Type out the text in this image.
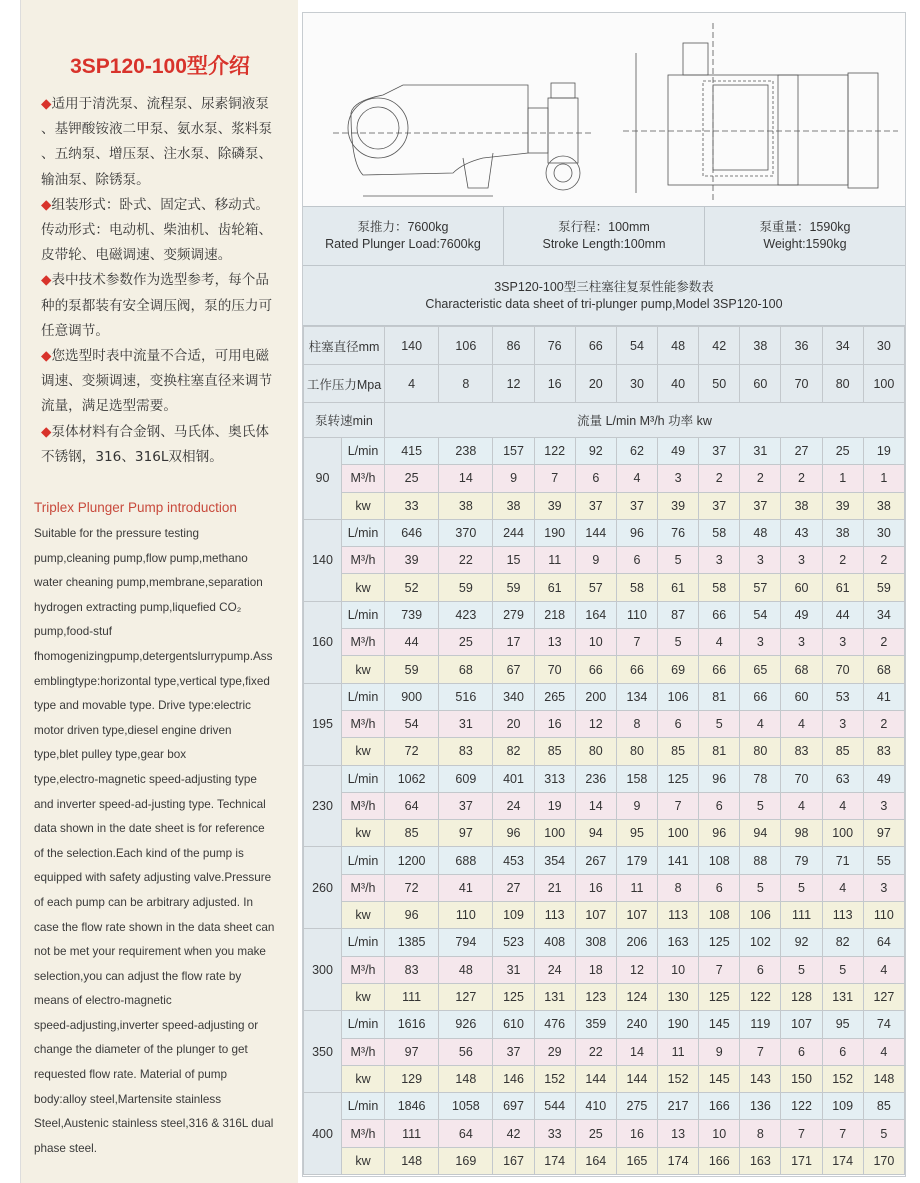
3SP120-100型介绍
◆适用于清洗泵、流程泵、尿素铜液泵
、基钾酸铵液二甲泵、氨水泵、浆料泵
、五纳泵、增压泵、注水泵、除磷泵、
输油泵、除锈泵。
◆组装形式：卧式、固定式、移动式。
传动形式：电动机、柴油机、齿轮箱、
皮带轮、电磁调速、变频调速。
◆表中技术参数作为选型参考，每个品
种的泵都装有安全调压阀，泵的压力可
任意调节。
◆您选型时表中流量不合适，可用电磁
调速、变频调速，变换柱塞直径来调节
流量，满足选型需要。
◆泵体材料有合金钢、马氏体、奥氏体
不锈钢，316、316L双相钢。
Triplex Plunger Pump introduction
Suitable for the pressure testing
pump,cleaning pump,flow pump,methano
water cheaning pump,membrane,separation
hydrogen extracting pump,liquefied CO₂
pump,food-stuf
fhomogenizingpump,detergentslurrypump.Ass
emblingtype:horizontal type,vertical type,fixed
type and movable type. Drive type:electric
motor driven type,diesel engine driven
type,blet pulley type,gear box
type,electro-magnetic speed-adjusting type
and inverter speed-ad-justing type. Technical
data shown in the date sheet is for reference
of the selection.Each kind of the pump is
equipped with safety adjusting valve.Pressure
of each pump can be arbitrary adjusted. In
case the flow rate shown in the data sheet can
not be met your requirement when you make
selection,you can adjust the flow rate by
means of electro-magnetic
speed-adjusting,inverter speed-adjusting or
change the diameter of the plunger to get
requested flow rate. Material of pump
body:alloy steel,Martensite stainless
Steel,Austenic stainless steel,316 & 316L dual
phase steel.
泵推力：7600kg
Rated Plunger Load:7600kg
泵行程：100mm
Stroke Length:100mm
泵重量：1590kg
Weight:1590kg
3SP120-100型三柱塞往复泵性能参数表
Characteristic data sheet of tri-plunger pump,Model 3SP120-100
柱塞直径mm		140	106	86	76	66	54	48	42	38	36	34	30
工作压力Mpa		4	8	12	16	20	30	40	50	60	70	80	100
泵转速min		流量 L/min M³/h 功率 kw											
90	L/min	415	238	157	122	92	62	49	37	31	27	25	19
	M³/h	25	14	9	7	6	4	3	2	2	2	1	1
	kw	33	38	38	39	37	37	39	37	37	38	39	38
140	L/min	646	370	244	190	144	96	76	58	48	43	38	30
	M³/h	39	22	15	11	9	6	5	3	3	3	2	2
	kw	52	59	59	61	57	58	61	58	57	60	61	59
160	L/min	739	423	279	218	164	110	87	66	54	49	44	34
	M³/h	44	25	17	13	10	7	5	4	3	3	3	2
	kw	59	68	67	70	66	66	69	66	65	68	70	68
195	L/min	900	516	340	265	200	134	106	81	66	60	53	41
	M³/h	54	31	20	16	12	8	6	5	4	4	3	2
	kw	72	83	82	85	80	80	85	81	80	83	85	83
230	L/min	1062	609	401	313	236	158	125	96	78	70	63	49
	M³/h	64	37	24	19	14	9	7	6	5	4	4	3
	kw	85	97	96	100	94	95	100	96	94	98	100	97
260	L/min	1200	688	453	354	267	179	141	108	88	79	71	55
	M³/h	72	41	27	21	16	11	8	6	5	5	4	3
	kw	96	110	109	113	107	107	113	108	106	111	113	110
300	L/min	1385	794	523	408	308	206	163	125	102	92	82	64
	M³/h	83	48	31	24	18	12	10	7	6	5	5	4
	kw	111	127	125	131	123	124	130	125	122	128	131	127
350	L/min	1616	926	610	476	359	240	190	145	119	107	95	74
	M³/h	97	56	37	29	22	14	11	9	7	6	6	4
	kw	129	148	146	152	144	144	152	145	143	150	152	148
400	L/min	1846	1058	697	544	410	275	217	166	136	122	109	85
	M³/h	111	64	42	33	25	16	13	10	8	7	7	5
	kw	148	169	167	174	164	165	174	166	163	171	174	170
